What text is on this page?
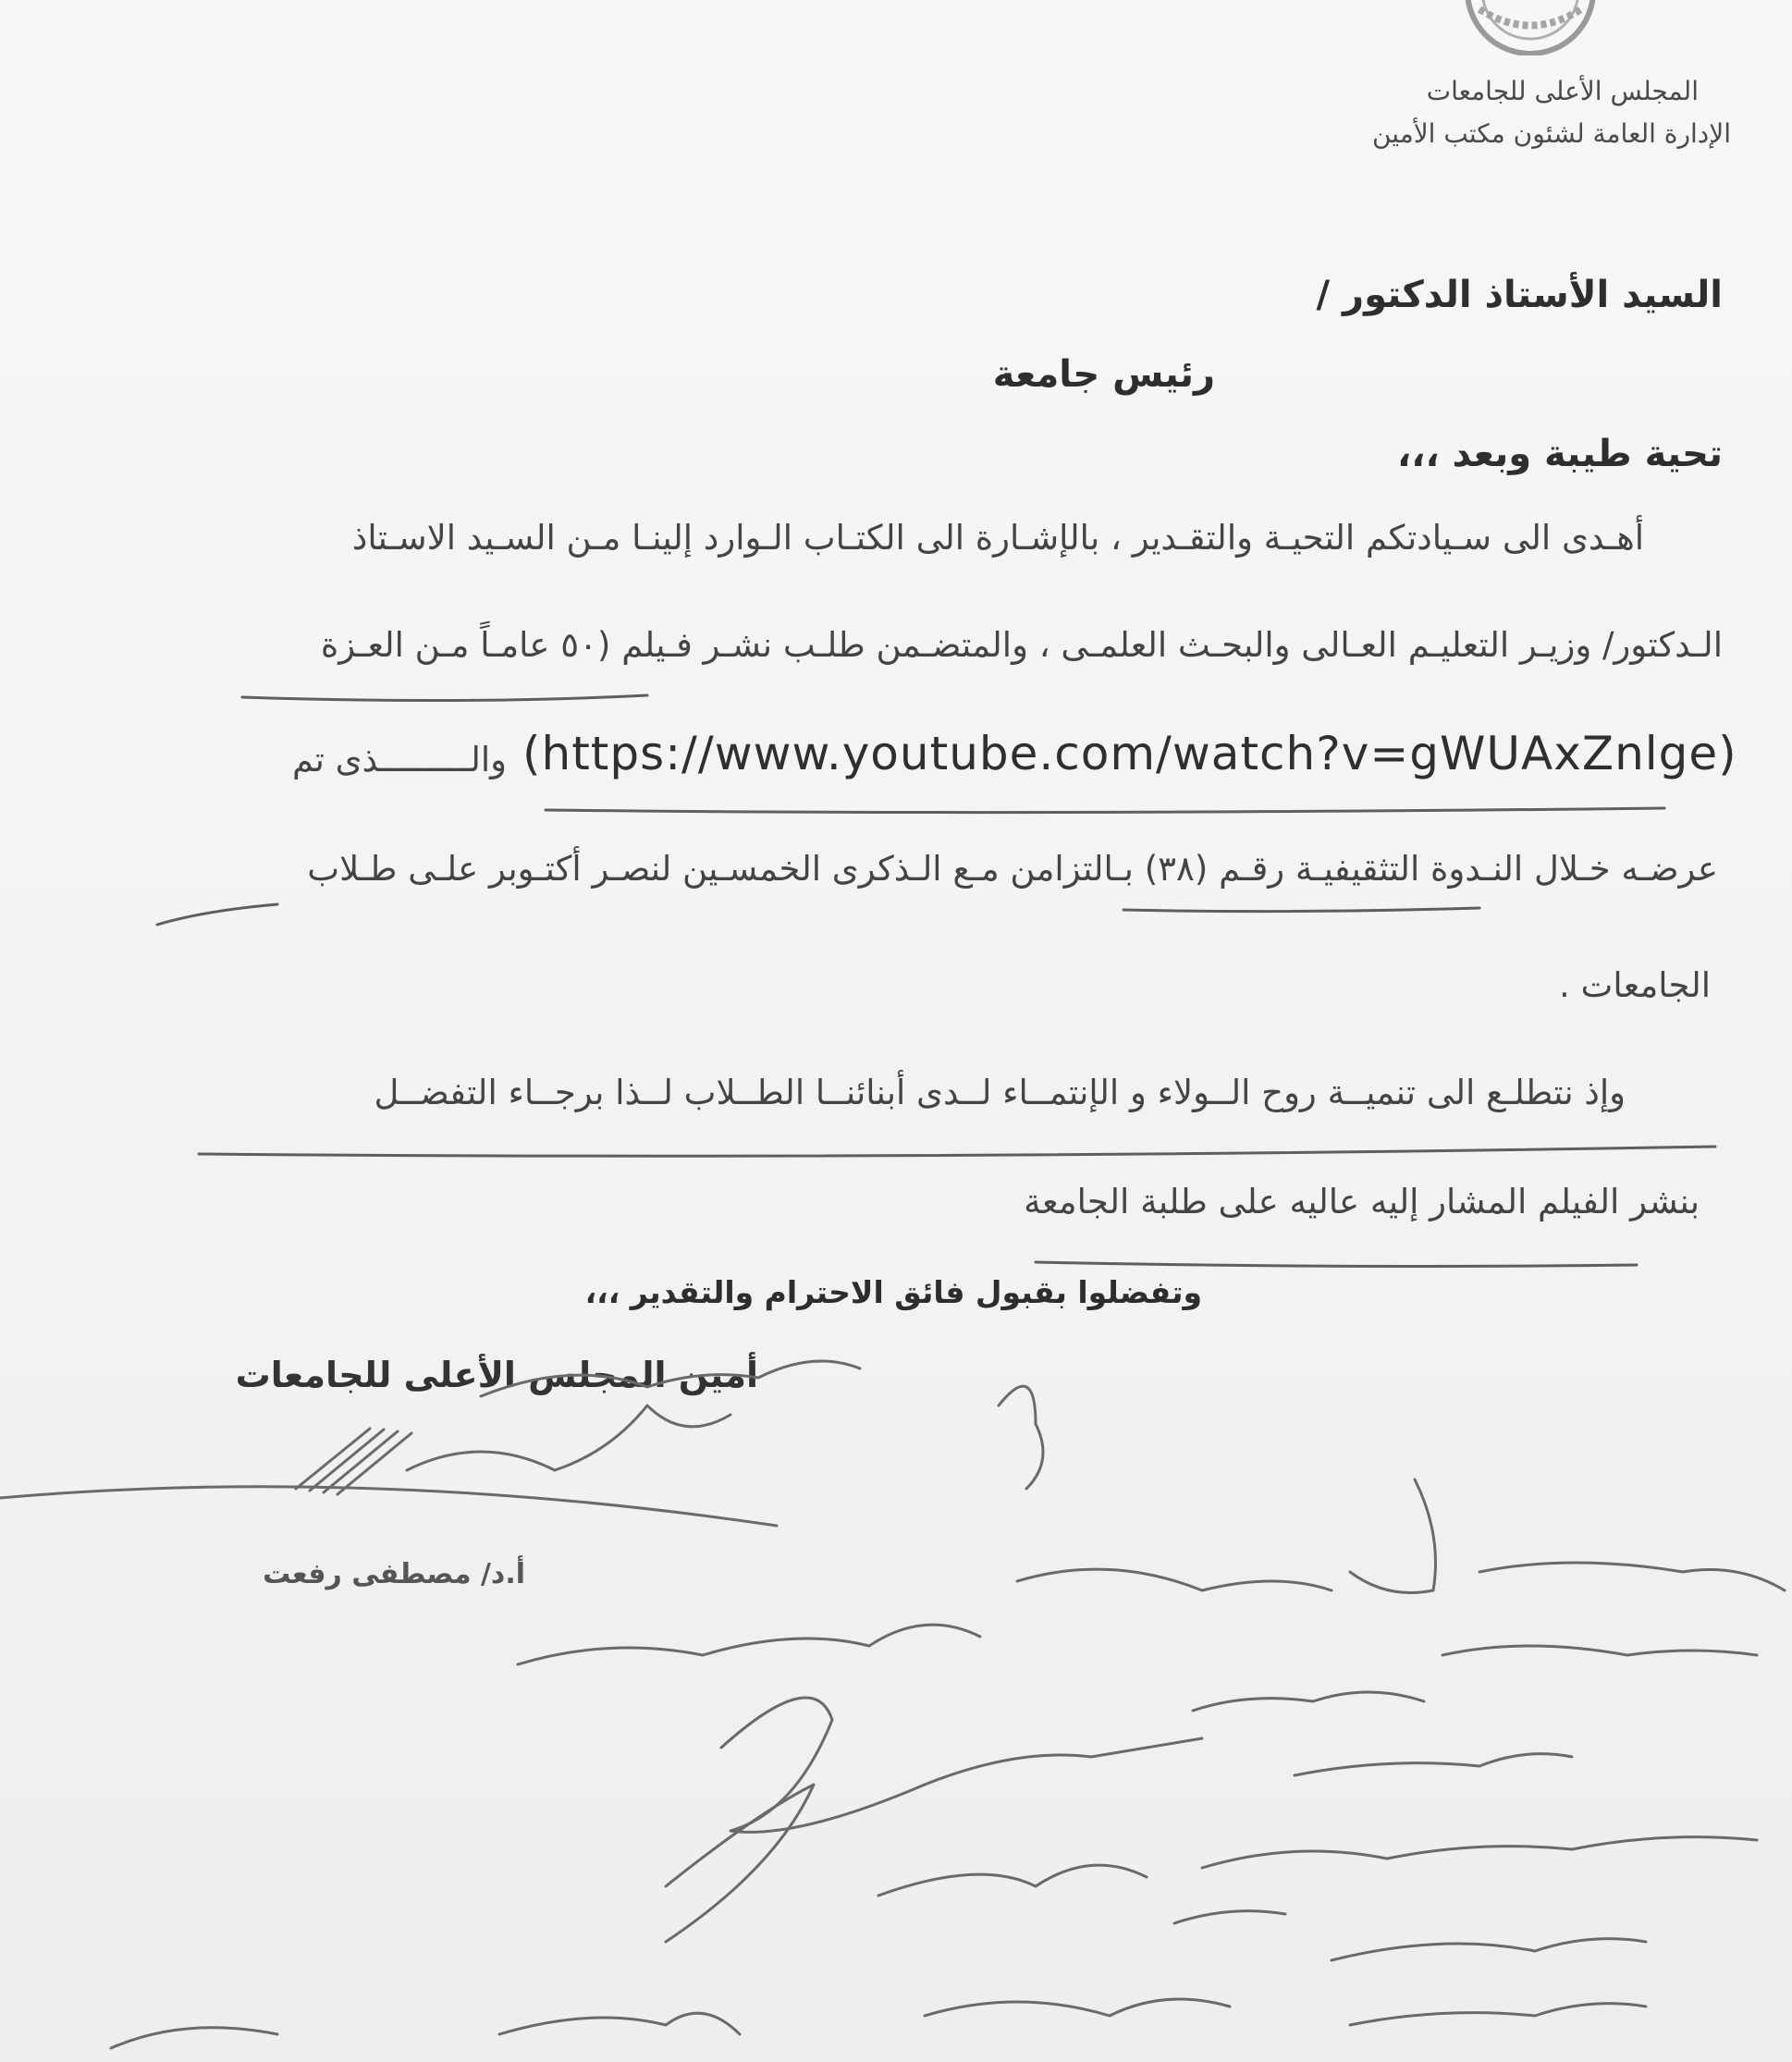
المجلس الأعلى للجامعات
الإدارة العامة لشئون مكتب الأمين
السيد الأستاذ الدكتور /
رئيس جامعة
تحية طيبة وبعد ،،،
أهـدى الى سـيادتكم التحيـة والتقـدير ، بالإشـارة الى الكتـاب الـوارد إلينـا مـن السـيد الاسـتاذ
الـدكتور/ وزيـر التعليـم العـالى والبحـث العلمـى ، والمتضـمن طلـب نشـر فـيلم (٥٠ عامـاً مـن العـزة
(https://www.youtube.com/watch?v=gWUAxZnlge)
والـــــــــذى تم
عرضـه خـلال النـدوة التثقيفيـة رقـم (٣٨) بـالتزامن مـع الـذكرى الخمسـين لنصـر أكتـوبر علـى طـلاب
الجامعات .
وإذ نتطلـع الى تنميــة روح الــولاء و الإنتمــاء لــدى أبنائنــا الطــلاب لــذا برجــاء التفضــل
بنشر الفيلم المشار إليه عاليه على طلبة الجامعة
وتفضلوا بقبول فائق الاحترام والتقدير ،،،
أمين المجلس الأعلى للجامعات
أ.د/ مصطفى رفعت
